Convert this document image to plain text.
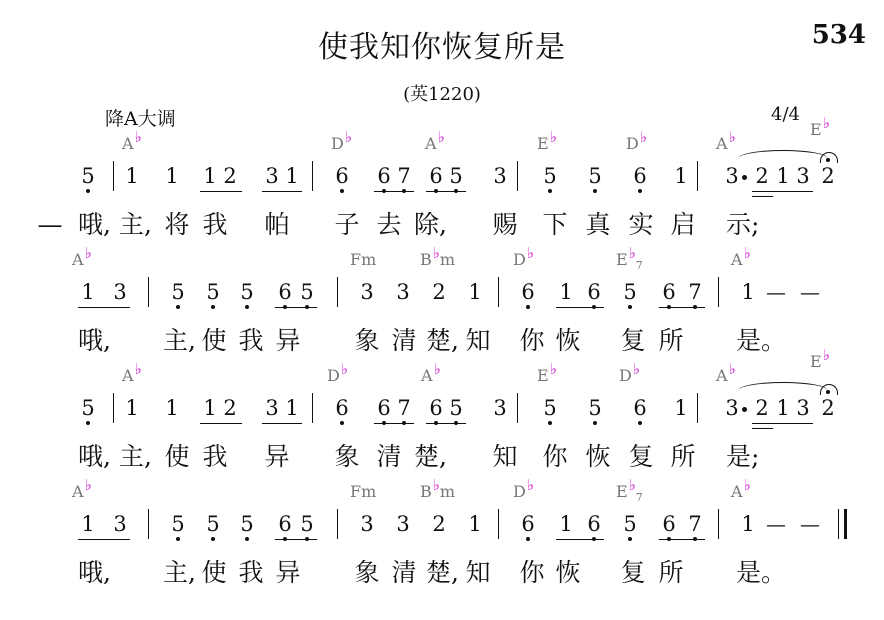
使我知你恢复所是	534
(英1220)
降A大调	4/4
A♭	D♭	A♭	E♭	D♭	A♭	E♭
5 1 1 1 2 3 1 6 6 7 6 5 3 5 5 6 1 3 2 1 3 2
— 哦, 主, 将 我 帕 子 去 除, 赐 下 真 实 启 示;
A♭	Fm	B♭m	D♭	$E♭_7$	A♭
1 3 5 5 5 6 5 3 3 2 1 6 1 6 5 6 7 1 — —
哦, 主, 使 我 异 象 清 楚, 知 你 恢 复 所 是。
A♭	D♭	A♭	E♭	D♭	A♭	E♭
5 1 1 1 2 3 1 6 6 7 6 5 3 5 5 6 1 3 2 1 3 2
哦, 主, 使 我 异 象 清 楚, 知 你 恢 复 所 是;
A♭	Fm	B♭m	D♭	$E♭_7$	A♭
1 3 5 5 5 6 5 3 3 2 1 6 1 6 5 6 7 1 — —
哦, 主, 使 我 异 象 清 楚, 知 你 恢 复 所 是。
